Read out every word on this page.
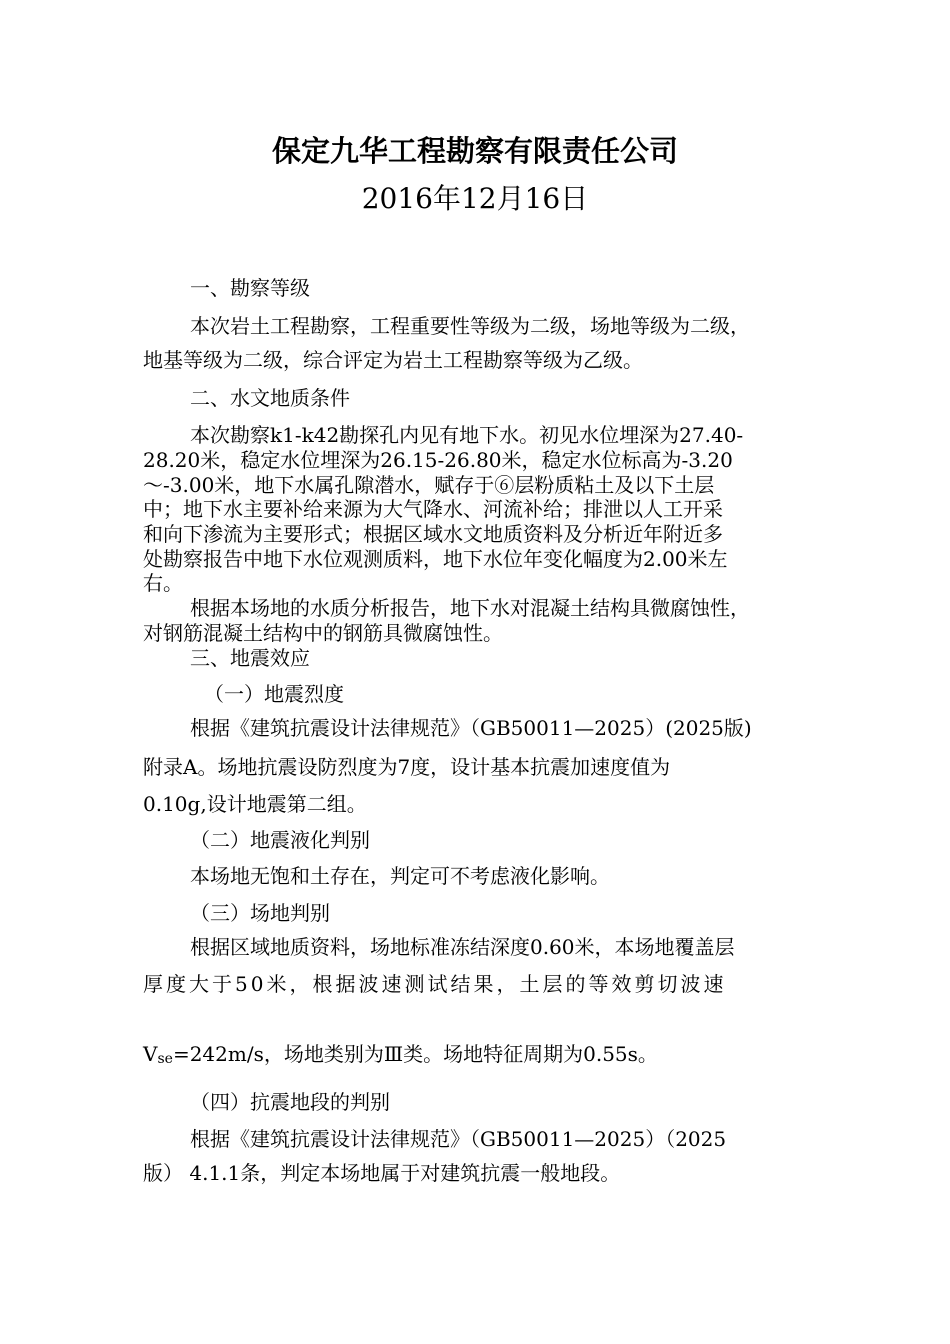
保定九华工程勘察有限责任公司
2016年12月16日

一、勘察等级

本次岩土工程勘察，工程重要性等级为二级，场地等级为二级，

地基等级为二级，综合评定为岩土工程勘察等级为乙级。

二、水文地质条件

本次勘察k1-k42勘探孔内见有地下水。初见水位埋深为27.40-

28.20米，稳定水位埋深为26.15-26.80米，稳定水位标高为-3.20

～-3.00米，地下水属孔隙潜水，赋存于⑥层粉质粘土及以下土层

中；地下水主要补给来源为大气降水、河流补给；排泄以人工开采

和向下渗流为主要形式；根据区域水文地质资料及分析近年附近多

处勘察报告中地下水位观测质料，地下水位年变化幅度为2.00米左

右。

根据本场地的水质分析报告，地下水对混凝土结构具微腐蚀性，

对钢筋混凝土结构中的钢筋具微腐蚀性。

三、地震效应

（一）地震烈度

根据《建筑抗震设计法律规范》（GB50011—2025）(2025版)

附录A。场地抗震设防烈度为7度，设计基本抗震加速度值为

0.10g,设计地震第二组。

（二）地震液化判别

本场地无饱和土存在，判定可不考虑液化影响。

（三）场地判别

根据区域地质资料，场地标准冻结深度0.60米，本场地覆盖层

厚度大于50米，根据波速测试结果，土层的等效剪切波速

Vse=242m/s，场地类别为Ⅲ类。场地特征周期为0.55s。

（四）抗震地段的判别

根据《建筑抗震设计法律规范》（GB50011—2025）（2025

版） 4.1.1条，判定本场地属于对建筑抗震一般地段。
